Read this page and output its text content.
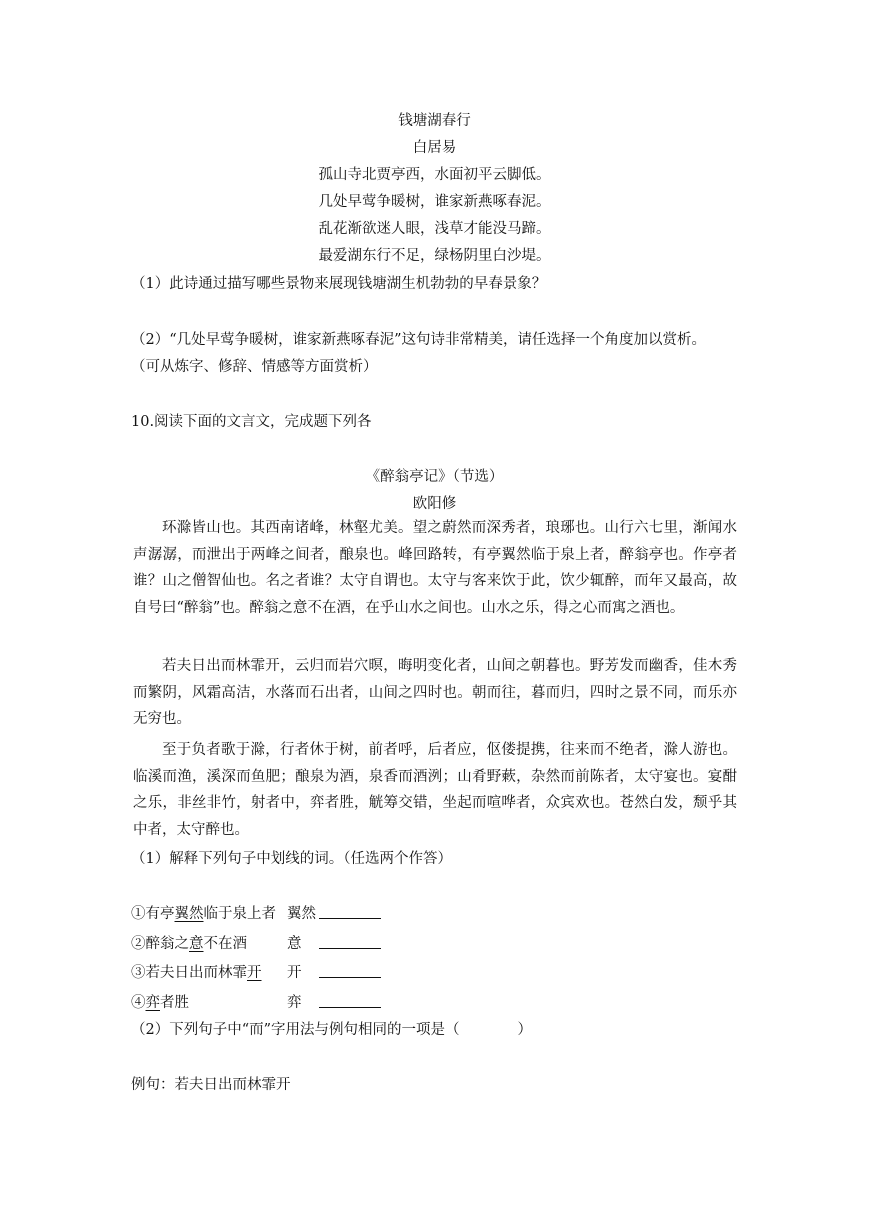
钱塘湖春行
白居易
孤山寺北贾亭西，水面初平云脚低。
几处早莺争暖树，谁家新燕啄春泥。
乱花渐欲迷人眼，浅草才能没马蹄。
最爱湖东行不足，绿杨阴里白沙堤。
（1）此诗通过描写哪些景物来展现钱塘湖生机勃勃的早春景象？
（2）“几处早莺争暖树，谁家新燕啄春泥”这句诗非常精美，请任选择一个角度加以赏析。
（可从炼字、修辞、情感等方面赏析）
10.阅读下面的文言文，完成题下列各
《醉翁亭记》（节选）
欧阳修
环滁皆山也。其西南诸峰，林壑尤美。望之蔚然而深秀者，琅琊也。山行六七里，渐闻水声潺潺，而泄出于两峰之间者，酿泉也。峰回路转，有亭翼然临于泉上者，醉翁亭也。作亭者谁？山之僧智仙也。名之者谁？太守自谓也。太守与客来饮于此，饮少辄醉，而年又最高，故自号曰“醉翁”也。醉翁之意不在酒，在乎山水之间也。山水之乐，得之心而寓之酒也。
若夫日出而林霏开，云归而岩穴暝，晦明变化者，山间之朝暮也。野芳发而幽香，佳木秀而繁阴，风霜高洁，水落而石出者，山间之四时也。朝而往，暮而归，四时之景不同，而乐亦无穷也。
至于负者歌于滁，行者休于树，前者呼，后者应，伛偻提携，往来而不绝者，滁人游也。临溪而渔，溪深而鱼肥；酿泉为酒，泉香而酒洌；山肴野蔌，杂然而前陈者，太守宴也。宴酣之乐，非丝非竹，射者中，弈者胜，觥筹交错，坐起而喧哗者，众宾欢也。苍然白发，颓乎其中者，太守醉也。
（1）解释下列句子中划线的词。（任选两个作答）
①有亭翼然临于泉上者 翼然
②醉翁之意不在酒	意
③若夫日出而林霏开 开
④弈者胜	弈
（2）下列句子中“而”字用法与例句相同的一项是（　　　　）
例句：若夫日出而林霏开
